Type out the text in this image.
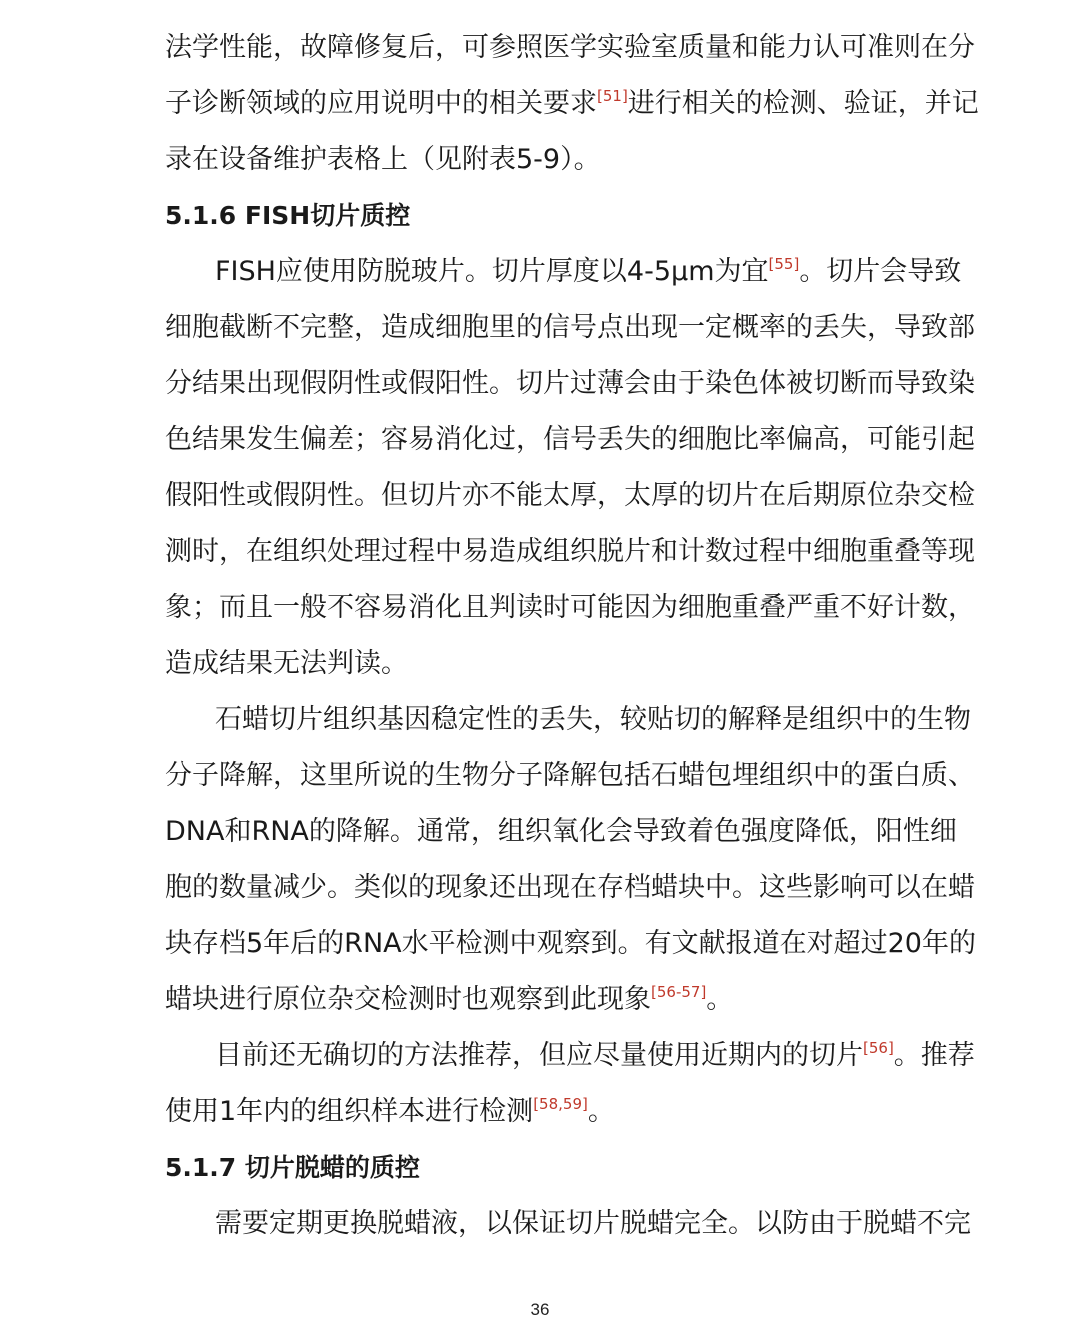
法学性能，故障修复后，可参照医学实验室质量和能力认可准则在分
子诊断领域的应用说明中的相关要求[51]进行相关的检测、验证，并记
录在设备维护表格上（见附表5-9）。
5.1.6 FISH切片质控
FISH应使用防脱玻片。切片厚度以4-5μm为宜[55]。切片会导致
细胞截断不完整，造成细胞里的信号点出现一定概率的丢失，导致部
分结果出现假阴性或假阳性。切片过薄会由于染色体被切断而导致染
色结果发生偏差；容易消化过，信号丢失的细胞比率偏高，可能引起
假阳性或假阴性。但切片亦不能太厚，太厚的切片在后期原位杂交检
测时，在组织处理过程中易造成组织脱片和计数过程中细胞重叠等现
象；而且一般不容易消化且判读时可能因为细胞重叠严重不好计数，
造成结果无法判读。
石蜡切片组织基因稳定性的丢失，较贴切的解释是组织中的生物
分子降解，这里所说的生物分子降解包括石蜡包埋组织中的蛋白质、
DNA和RNA的降解。通常，组织氧化会导致着色强度降低，阳性细
胞的数量减少。类似的现象还出现在存档蜡块中。这些影响可以在蜡
块存档5年后的RNA水平检测中观察到。有文献报道在对超过20年的
蜡块进行原位杂交检测时也观察到此现象[56-57]。
目前还无确切的方法推荐，但应尽量使用近期内的切片[56]。推荐
使用1年内的组织样本进行检测[58,59]。
5.1.7 切片脱蜡的质控
需要定期更换脱蜡液，以保证切片脱蜡完全。以防由于脱蜡不完
36
